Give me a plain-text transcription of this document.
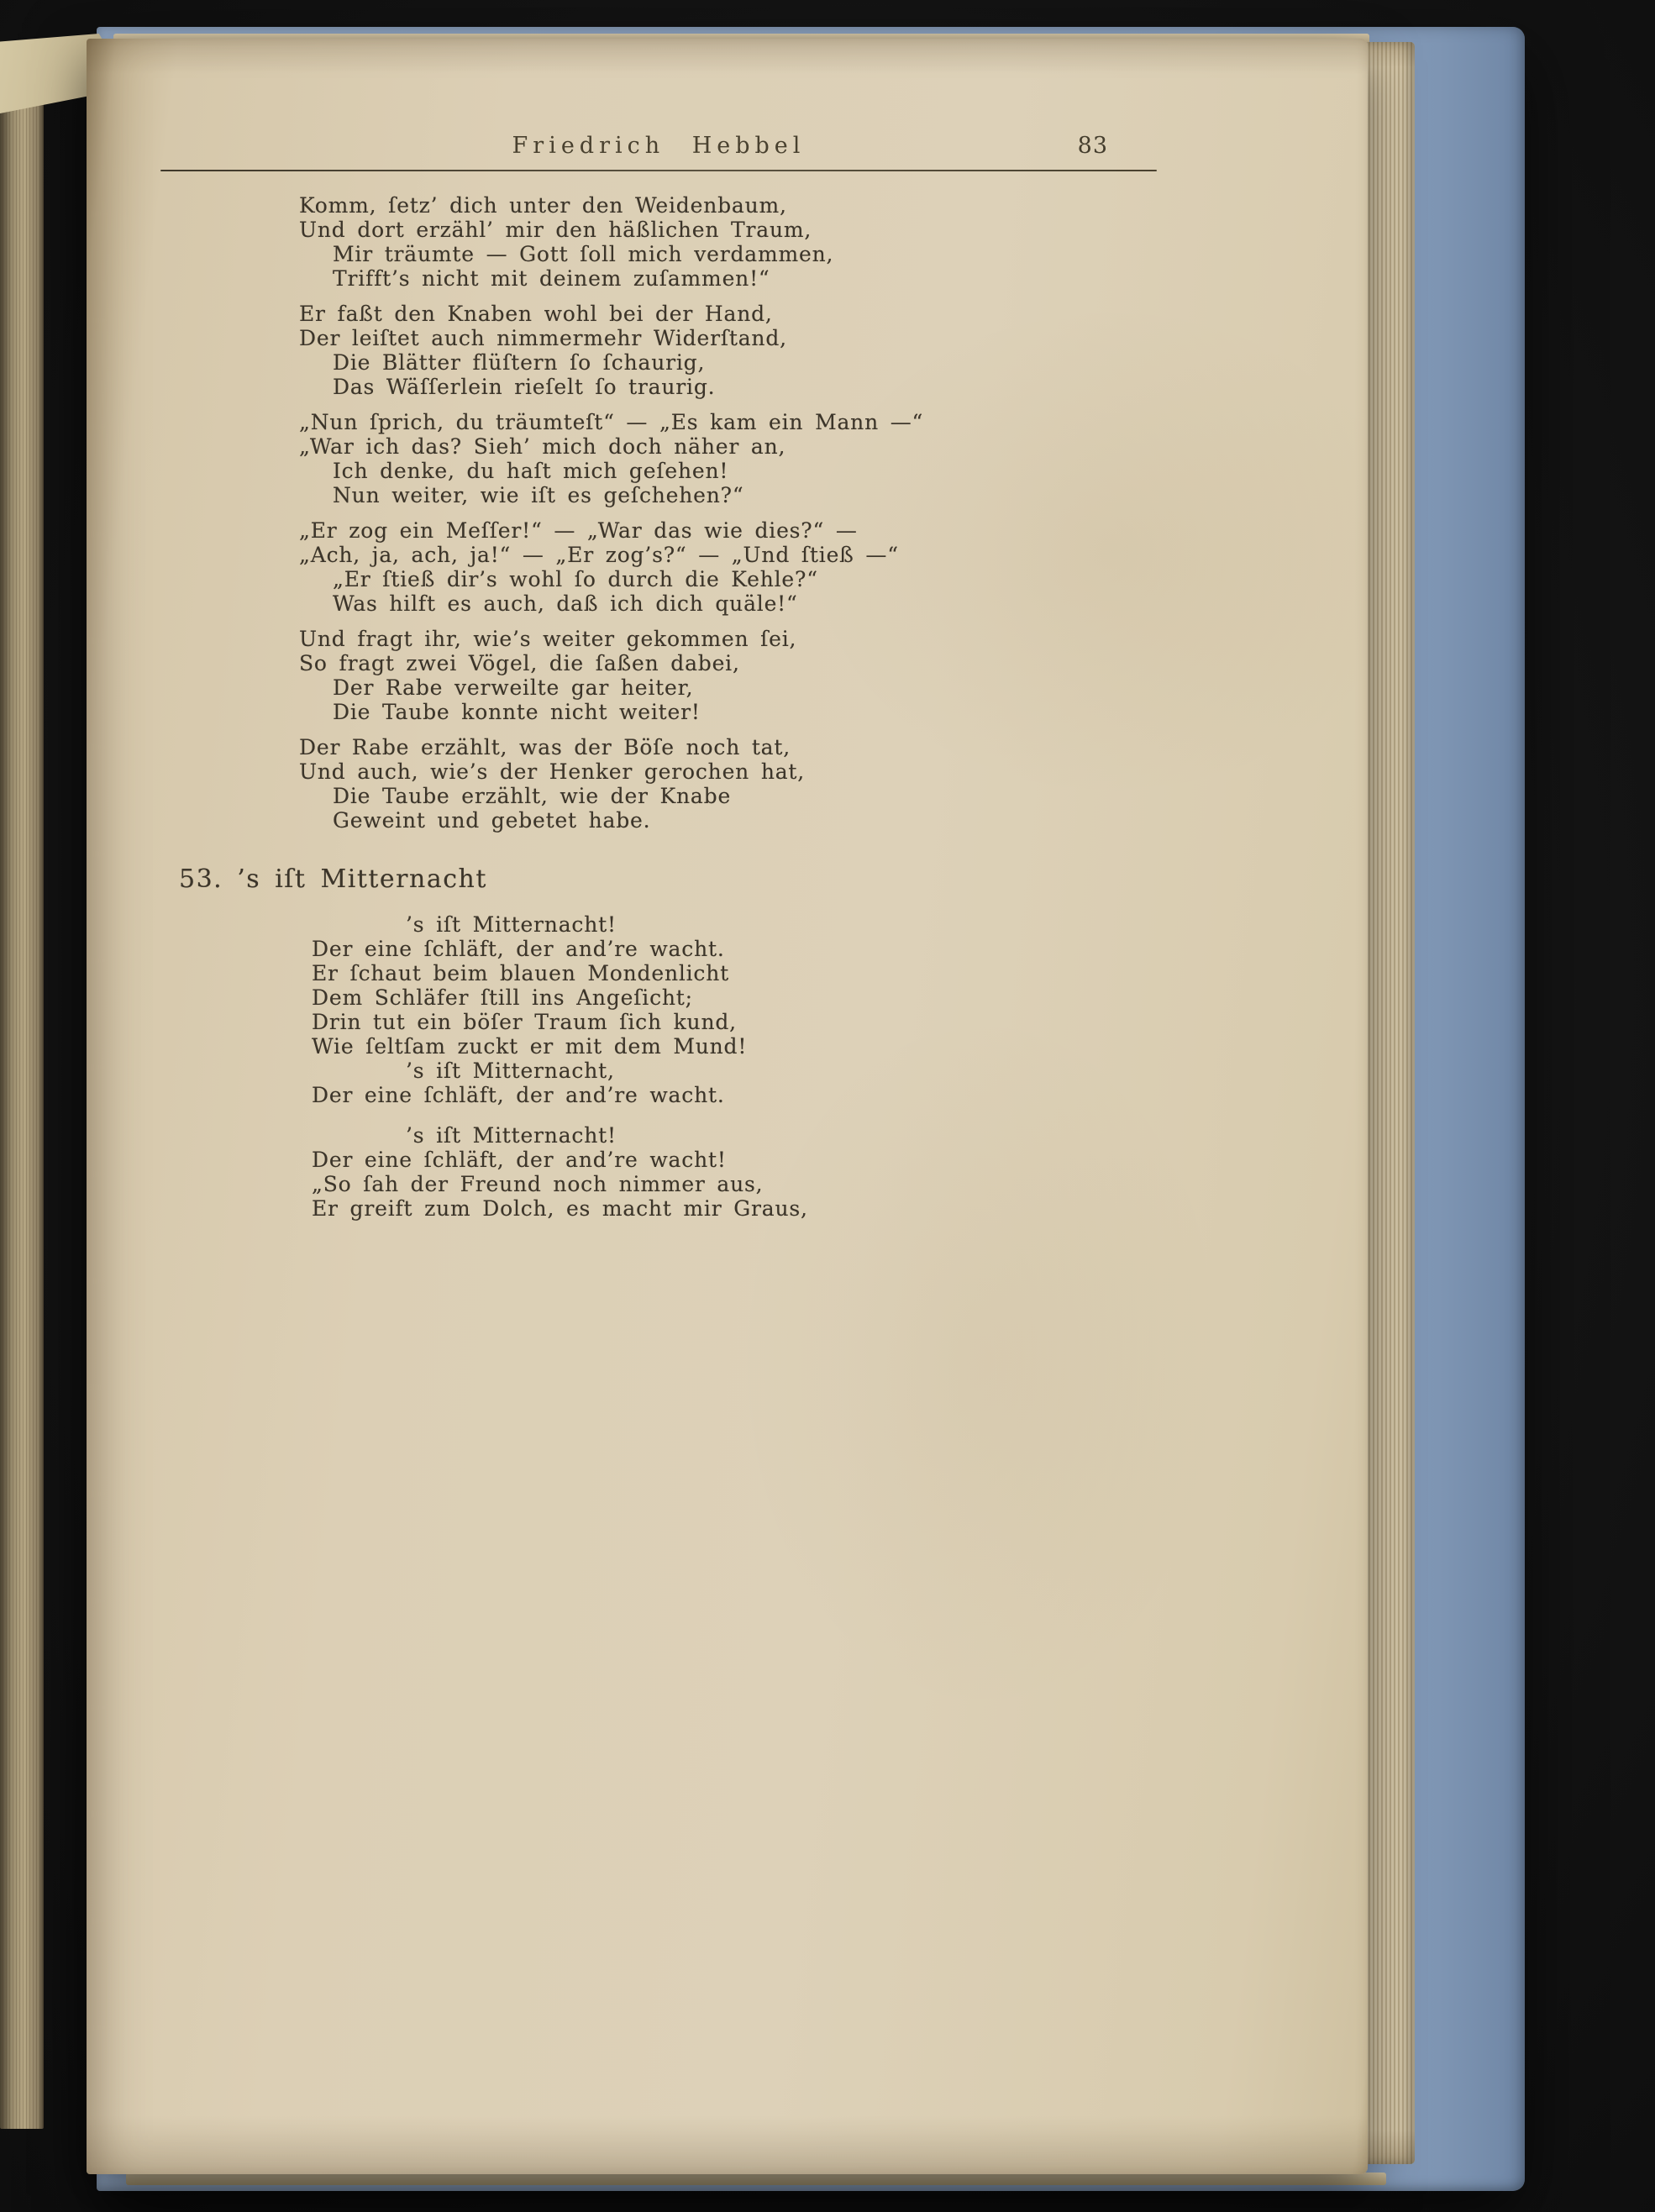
Friedrich Hebbel	83
Komm, ſetz’ dich unter den Weidenbaum,
Und dort erzähl’ mir den häßlichen Traum,
Mir träumte — Gott ſoll mich verdammen,
Trifft’s nicht mit deinem zuſammen!“
Er faßt den Knaben wohl bei der Hand,
Der leiſtet auch nimmermehr Widerſtand,
Die Blätter flüſtern ſo ſchaurig,
Das Wäſſerlein rieſelt ſo traurig.
„Nun ſprich, du träumteſt“ — „Es kam ein Mann —“
„War ich das? Sieh’ mich doch näher an,
Ich denke, du haſt mich geſehen!
Nun weiter, wie iſt es geſchehen?“
„Er zog ein Meſſer!“ — „War das wie dies?“ —
„Ach, ja, ach, ja!“ — „Er zog’s?“ — „Und ſtieß —“
„Er ſtieß dir’s wohl ſo durch die Kehle?“
Was hilft es auch, daß ich dich quäle!“
Und fragt ihr, wie’s weiter gekommen ſei,
So fragt zwei Vögel, die ſaßen dabei,
Der Rabe verweilte gar heiter,
Die Taube konnte nicht weiter!
Der Rabe erzählt, was der Böſe noch tat,
Und auch, wie’s der Henker gerochen hat,
Die Taube erzählt, wie der Knabe
Geweint und gebetet habe.
53. ’s iſt Mitternacht
’s iſt Mitternacht!
Der eine ſchläft, der and’re wacht.
Er ſchaut beim blauen Mondenlicht
Dem Schläfer ſtill ins Angeſicht;
Drin tut ein böſer Traum ſich kund,
Wie ſeltſam zuckt er mit dem Mund!
’s iſt Mitternacht,
Der eine ſchläft, der and’re wacht.
’s iſt Mitternacht!
Der eine ſchläft, der and’re wacht!
„So ſah der Freund noch nimmer aus,
Er greift zum Dolch, es macht mir Graus,
